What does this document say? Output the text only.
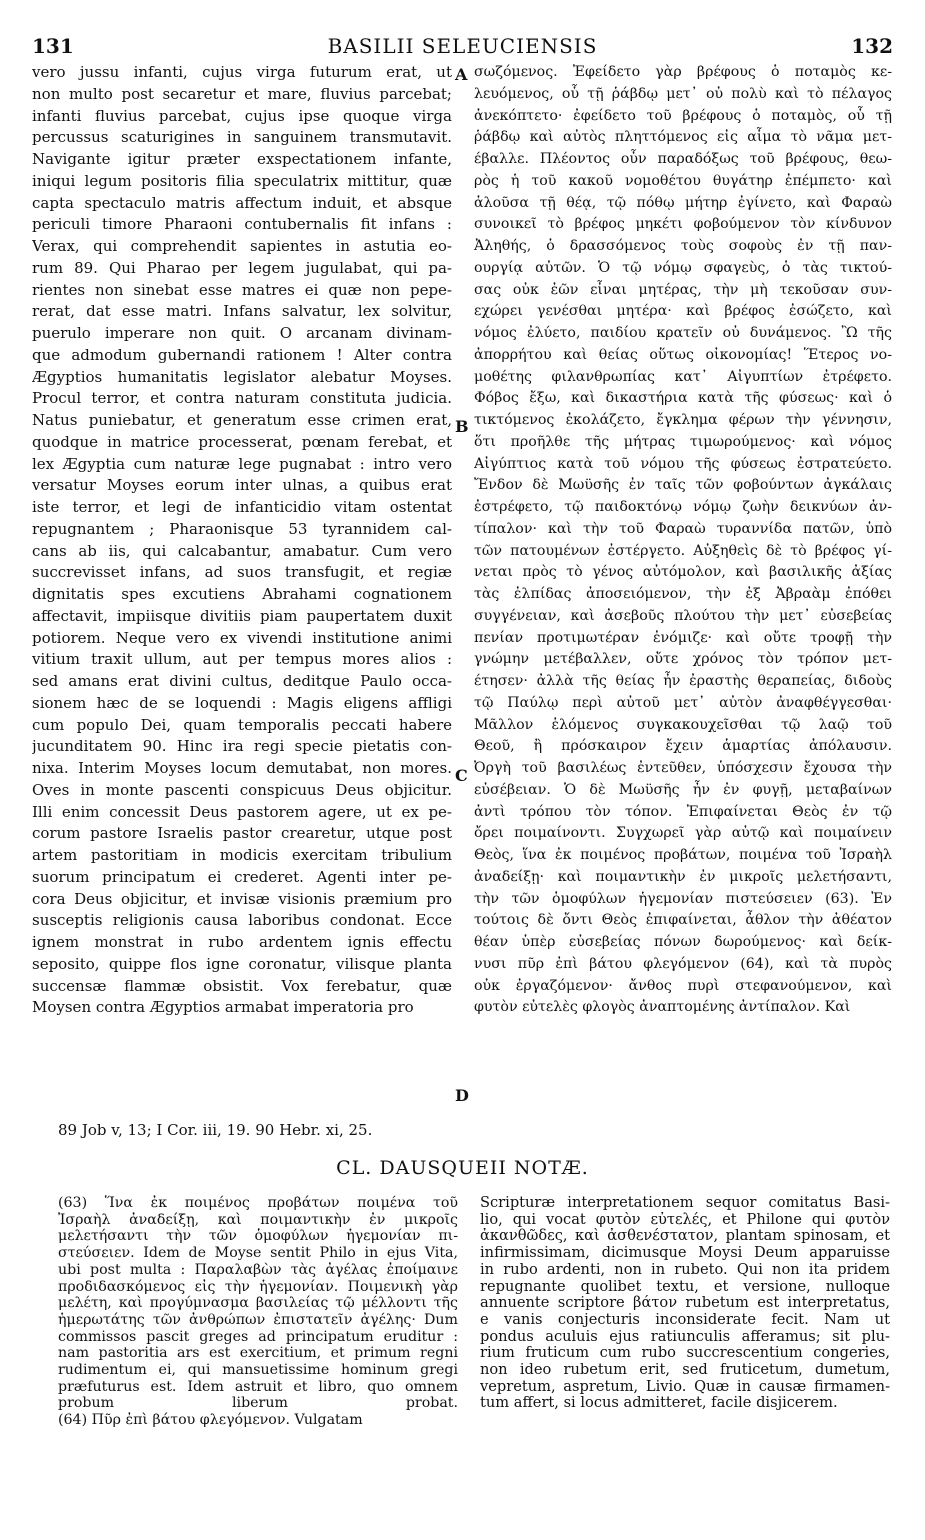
131	BASILII SELEUCIENSIS	132
vero jussu infanti, cujus virga futurum erat, ut
non multo post secaretur et mare, fluvius parcebat;
infanti fluvius parcebat, cujus ipse quoque virga
percussus scaturigines in sanguinem transmutavit.
Navigante igitur præter exspectationem infante,
iniqui legum positoris filia speculatrix mittitur, quæ
capta spectaculo matris affectum induit, et absque
periculi timore Pharaoni contubernalis fit infans :
Verax, qui comprehendit sapientes in astutia eo-
rum 89. Qui Pharao per legem jugulabat, qui pa-
rientes non sinebat esse matres ei quæ non pepe-
rerat, dat esse matri. Infans salvatur, lex solvitur,
puerulo imperare non quit. O arcanam divinam-
que admodum gubernandi rationem ! Alter contra
Ægyptios humanitatis legislator alebatur Moyses.
Procul terror, et contra naturam constituta judicia.
Natus puniebatur, et generatum esse crimen erat,
quodque in matrice processerat, pœnam ferebat, et
lex Ægyptia cum naturæ lege pugnabat : intro vero
versatur Moyses eorum inter ulnas, a quibus erat
iste terror, et legi de infanticidio vitam ostentat
repugnantem ; Pharaonisque 53 tyrannidem cal-
cans ab iis, qui calcabantur, amabatur. Cum vero
succrevisset infans, ad suos transfugit, et regiæ
dignitatis spes excutiens Abrahami cognationem
affectavit, impiisque divitiis piam paupertatem duxit
potiorem. Neque vero ex vivendi institutione animi
vitium traxit ullum, aut per tempus mores alios :
sed amans erat divini cultus, deditque Paulo occa-
sionem hæc de se loquendi : Magis eligens affligi
cum populo Dei, quam temporalis peccati habere
jucunditatem 90. Hinc ira regi specie pietatis con-
nixa. Interim Moyses locum demutabat, non mores.
Oves in monte pascenti conspicuus Deus objicitur.
Illi enim concessit Deus pastorem agere, ut ex pe-
corum pastore Israelis pastor crearetur, utque post
artem pastoritiam in modicis exercitam tribulium
suorum principatum ei crederet. Agenti inter pe-
cora Deus objicitur, et invisæ visionis præmium pro
susceptis religionis causa laboribus condonat. Ecce
ignem monstrat in rubo ardentem ignis effectu
seposito, quippe flos igne coronatur, vilisque planta
succensæ flammæ obsistit. Vox ferebatur, quæ
Moysen contra Ægyptios armabat imperatoria pro
σωζόμενος. Ἐφείδετο γὰρ βρέφους ὁ ποταμὸς κε-
λευόμενος, οὗ τῇ ῥάβδῳ μετ᾽ οὐ πολὺ καὶ τὸ πέλαγος
ἀνεκόπτετο· ἐφείδετο τοῦ βρέφους ὁ ποταμὸς, οὗ τῇ
ῥάβδῳ καὶ αὐτὸς πληττόμενος εἰς αἷμα τὸ νᾶμα μετ-
έβαλλε. Πλέοντος οὖν παραδόξως τοῦ βρέφους, θεω-
ρὸς ἡ τοῦ κακοῦ νομοθέτου θυγάτηρ ἐπέμπετο· καὶ
ἁλοῦσα τῇ θέᾳ, τῷ πόθῳ μήτηρ ἐγίνετο, καὶ Φαραὼ
συνοικεῖ τὸ βρέφος μηκέτι φοβούμενον τὸν κίνδυνον
Ἀληθής, ὁ δρασσόμενος τοὺς σοφοὺς ἐν τῇ παν-
ουργίᾳ αὐτῶν. Ὁ τῷ νόμῳ σφαγεὺς, ὁ τὰς τικτού-
σας οὐκ ἐῶν εἶναι μητέρας, τὴν μὴ τεκοῦσαν συν-
εχώρει γενέσθαι μητέρα· καὶ βρέφος ἐσώζετο, καὶ
νόμος ἐλύετο, παιδίου κρατεῖν οὐ δυνάμενος. Ὢ τῆς
ἀπορρήτου καὶ θείας οὕτως οἰκονομίας! Ἕτερος νο-
μοθέτης φιλανθρωπίας κατ᾽ Αἰγυπτίων ἐτρέφετο.
Φόβος ἔξω, καὶ δικαστήρια κατὰ τῆς φύσεως· καὶ ὁ
τικτόμενος ἐκολάζετο, ἔγκλημα φέρων τὴν γέννησιν,
ὅτι προῆλθε τῆς μήτρας τιμωρούμενος· καὶ νόμος
Αἰγύπτιος κατὰ τοῦ νόμου τῆς φύσεως ἐστρατεύετο.
Ἔνδον δὲ Μωϋσῆς ἐν ταῖς τῶν φοβούντων ἀγκάλαις
ἐστρέφετο, τῷ παιδοκτόνῳ νόμῳ ζωὴν δεικνύων ἀν-
τίπαλον· καὶ τὴν τοῦ Φαραὼ τυραννίδα πατῶν, ὑπὸ
τῶν πατουμένων ἐστέργετο. Αὐξηθεὶς δὲ τὸ βρέφος γί-
νεται πρὸς τὸ γένος αὐτόμολον, καὶ βασιλικῆς ἀξίας
τὰς ἐλπίδας ἀποσειόμενον, τὴν ἐξ Ἀβραὰμ ἐπόθει
συγγένειαν, καὶ ἀσεβοῦς πλούτου τὴν μετ᾽ εὐσεβείας
πενίαν προτιμωτέραν ἐνόμιζε· καὶ οὔτε τροφῇ τὴν
γνώμην μετέβαλλεν, οὔτε χρόνος τὸν τρόπον μετ-
έτησεν· ἀλλὰ τῆς θείας ἦν ἐραστὴς θεραπείας, διδοὺς
τῷ Παύλῳ περὶ αὐτοῦ μετ᾽ αὐτὸν ἀναφθέγγεσθαι·
Μᾶλλον ἑλόμενος συγκακουχεῖσθαι τῷ λαῷ τοῦ
Θεοῦ, ἢ πρόσκαιρον ἔχειν ἁμαρτίας ἀπόλαυσιν.
Ὀργὴ τοῦ βασιλέως ἐντεῦθεν, ὑπόσχεσιν ἔχουσα τὴν
εὐσέβειαν. Ὁ δὲ Μωϋσῆς ἦν ἐν φυγῇ, μεταβαίνων
ἀντὶ τρόπου τὸν τόπον. Ἐπιφαίνεται Θεὸς ἐν τῷ
ὄρει ποιμαίνοντι. Συγχωρεῖ γὰρ αὐτῷ καὶ ποιμαίνειν
Θεὸς, ἵνα ἐκ ποιμένος προβάτων, ποιμένα τοῦ Ἰσραὴλ
ἀναδείξῃ· καὶ ποιμαντικὴν ἐν μικροῖς μελετήσαντι,
τὴν τῶν ὁμοφύλων ἡγεμονίαν πιστεύσειεν (63). Ἐν
τούτοις δὲ ὄντι Θεὸς ἐπιφαίνεται, ἆθλον τὴν ἀθέατον
θέαν ὑπὲρ εὐσεβείας πόνων δωρούμενος· καὶ δείκ-
νυσι πῦρ ἐπὶ βάτου φλεγόμενον (64), καὶ τὰ πυρὸς
οὐκ ἐργαζόμενον· ἄνθος πυρὶ στεφανούμενον, καὶ
φυτὸν εὐτελὲς φλογὸς ἀναπτομένης ἀντίπαλον. Καὶ
A
B
C
D
89 Job v, 13; I Cor. iii, 19. 90 Hebr. xi, 25.
CL. DAUSQUEII NOTÆ.
(63) Ἵνα ἐκ ποιμένος προβάτων ποιμένα τοῦ
Ἰσραὴλ ἀναδείξῃ, καὶ ποιμαντικὴν ἐν μικροῖς
μελετήσαντι τὴν τῶν ὁμοφύλων ἡγεμονίαν πι-
στεύσειεν. Idem de Moyse sentit Philo in ejus Vita,
ubi post multa : Παραλαβὼν τὰς ἀγέλας ἐποίμαινε
προδιδασκόμενος εἰς τὴν ἡγεμονίαν. Ποιμενικὴ γὰρ
μελέτη, καὶ προγύμνασμα βασιλείας τῷ μέλλοντι τῆς
ἡμερωτάτης τῶν ἀνθρώπων ἐπιστατεῖν ἀγέλης· Dum
commissos pascit greges ad principatum eruditur :
nam pastoritia ars est exercitium, et primum regni
rudimentum ei, qui mansuetissime hominum gregi
præfuturus est. Idem astruit et libro, quo omnem
probum liberum probat.
(64) Πῦρ ἐπὶ βάτου φλεγόμενον. Vulgatam
Scripturæ interpretationem sequor comitatus Basi-
lio, qui vocat φυτὸν εὐτελές, et Philone qui φυτὸν
ἀκανθῶδες, καὶ ἀσθενέστατον, plantam spinosam, et
infirmissimam, dicimusque Moysi Deum apparuisse
in rubo ardenti, non in rubeto. Qui non ita pridem
repugnante quolibet textu, et versione, nulloque
annuente scriptore βάτον rubetum est interpretatus,
e vanis conjecturis inconsiderate fecit. Nam ut
pondus aculuis ejus ratiunculis afferamus; sit plu-
rium fruticum cum rubo succrescentium congeries,
non ideo rubetum erit, sed fruticetum, dumetum,
vepretum, aspretum, Livio. Quæ in causæ firmamen-
tum affert, si locus admitteret, facile disjicerem.
